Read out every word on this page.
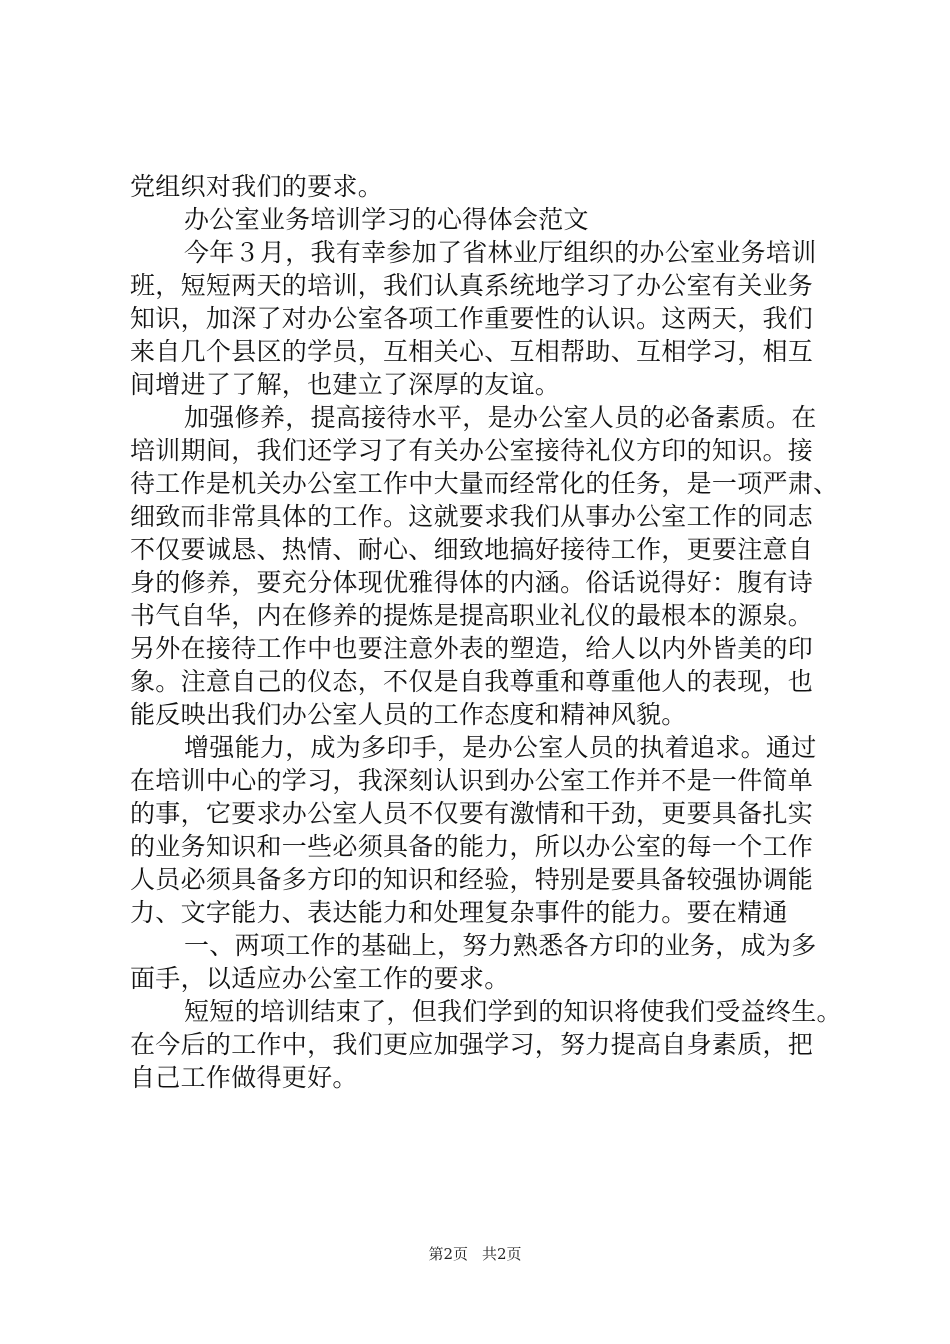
党组织对我们的要求。
办公室业务培训学习的心得体会范文
今年３月，我有幸参加了省林业厅组织的办公室业务培训
班，短短两天的培训，我们认真系统地学习了办公室有关业务
知识，加深了对办公室各项工作重要性的认识。这两天，我们
来自几个县区的学员，互相关心、互相帮助、互相学习，相互
间增进了了解，也建立了深厚的友谊。
加强修养，提高接待水平，是办公室人员的必备素质。在
培训期间，我们还学习了有关办公室接待礼仪方印的知识。接
待工作是机关办公室工作中大量而经常化的任务，是一项严肃、
细致而非常具体的工作。这就要求我们从事办公室工作的同志
不仅要诚恳、热情、耐心、细致地搞好接待工作，更要注意自
身的修养，要充分体现优雅得体的内涵。俗话说得好：腹有诗
书气自华，内在修养的提炼是提高职业礼仪的最根本的源泉。
另外在接待工作中也要注意外表的塑造，给人以内外皆美的印
象。注意自己的仪态，不仅是自我尊重和尊重他人的表现，也
能反映出我们办公室人员的工作态度和精神风貌。
增强能力，成为多印手，是办公室人员的执着追求。通过
在培训中心的学习，我深刻认识到办公室工作并不是一件简单
的事，它要求办公室人员不仅要有激情和干劲，更要具备扎实
的业务知识和一些必须具备的能力，所以办公室的每一个工作
人员必须具备多方印的知识和经验，特别是要具备较强协调能
力、文字能力、表达能力和处理复杂事件的能力。要在精通
一、两项工作的基础上，努力熟悉各方印的业务，成为多
面手，以适应办公室工作的要求。
短短的培训结束了，但我们学到的知识将使我们受益终生。
在今后的工作中，我们更应加强学习，努力提高自身素质，把
自己工作做得更好。
第2页 共2页
